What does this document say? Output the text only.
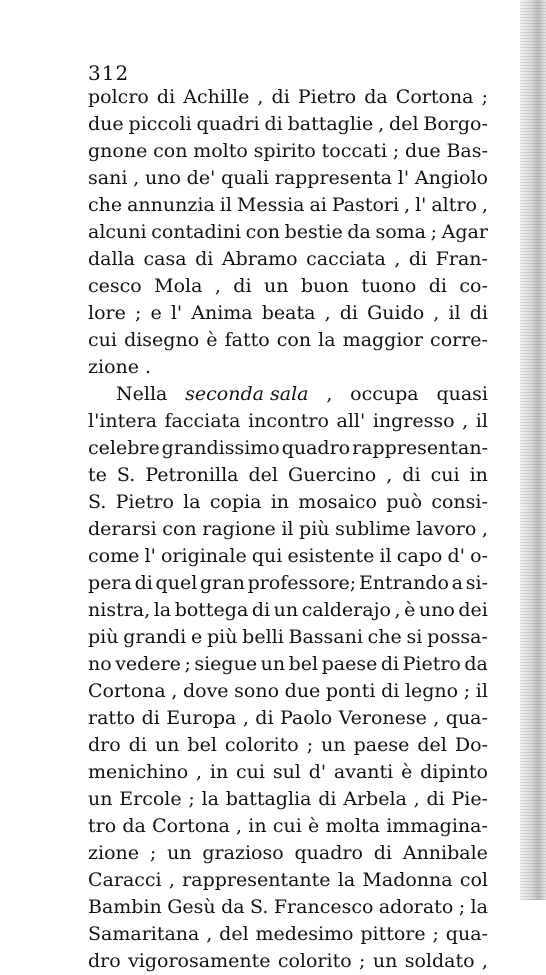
312
polcro di Achille , di Pietro da Cortona ;
due piccoli quadri di battaglie , del Borgo-
gnone con molto spirito toccati ; due Bas-
sani , uno de' quali rappresenta l' Angiolo
che annunzia il Messia ai Pastori , l' altro ,
alcuni contadini con bestie da soma ; Agar
dalla casa di Abramo cacciata , di Fran-
cesco Mola , di un buon tuono di co-
lore ; e l' Anima beata , di Guido , il di
cui disegno è fatto con la maggior corre-
zione .
Nella seconda sala , occupa quasi
l'intera facciata incontro all' ingresso , il
celebre grandissimo quadro rappresentan-
te S. Petronilla del Guercino , di cui in
S. Pietro la copia in mosaico può consi-
derarsi con ragione il più sublime lavoro ,
come l' originale qui esistente il capo d' o-
pera di quel gran professore; Entrando a si-
nistra, la bottega di un calderajo , è uno dei
più grandi e più belli Bassani che si possa-
no vedere ; siegue un bel paese di Pietro da
Cortona , dove sono due ponti di legno ; il
ratto di Europa , di Paolo Veronese , qua-
dro di un bel colorito ; un paese del Do-
menichino , in cui sul d' avanti è dipinto
un Ercole ; la battaglia di Arbela , di Pie-
tro da Cortona , in cui è molta immagina-
zione ; un grazioso quadro di Annibale
Caracci , rappresentante la Madonna col
Bambin Gesù da S. Francesco adorato ; la
Samaritana , del medesimo pittore ; qua-
dro vigorosamente colorito ; un soldato ,
